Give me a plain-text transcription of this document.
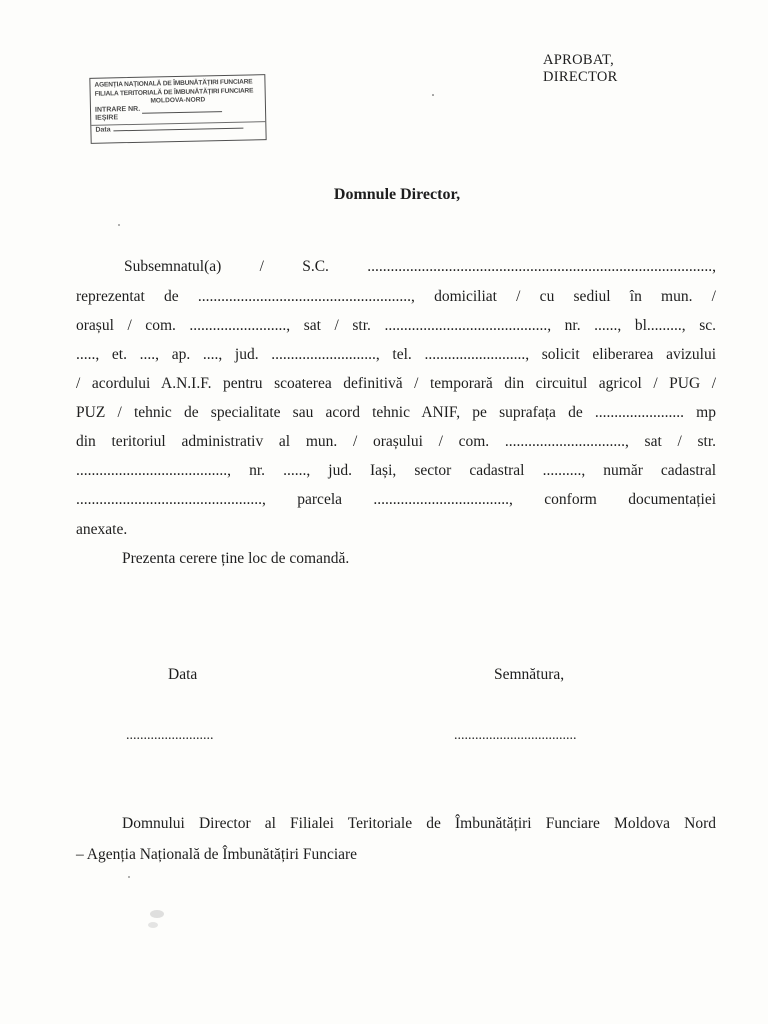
AGENȚIA NAȚIONALĂ DE ÎMBUNĂTĂȚIRI FUNCIARE
FILIALA TERITORIALĂ DE ÎMBUNĂTĂȚIRI FUNCIARE
MOLDOVA-NORD
INTRARE NR.
IEȘIRE
Data
APROBAT,
DIRECTOR
Domnule Director,
Subsemnatul(a) / S.C. .........................................................................................,
reprezentat de ......................................................., domiciliat / cu sediul în mun. /
orașul / com. ........................., sat / str. .........................................., nr. ......, bl........., sc.
....., et. ...., ap. ...., jud. ..........................., tel. .........................., solicit eliberarea avizului
/ acordului A.N.I.F. pentru scoaterea definitivă / temporară din circuitul agricol / PUG /
PUZ / tehnic de specialitate sau acord tehnic ANIF, pe suprafața de ....................... mp
din teritoriul administrativ al mun. / orașului / com. ..............................., sat / str.
......................................., nr. ......, jud. Iași, sector cadastral .........., număr cadastral
................................................, parcela ..................................., conform documentației
anexate.
Prezenta cerere ține loc de comandă.
Data	Semnătura,
.........................	...................................
Domnului Director al Filialei Teritoriale de Îmbunătățiri Funciare Moldova Nord
– Agenția Națională de Îmbunătățiri Funciare
